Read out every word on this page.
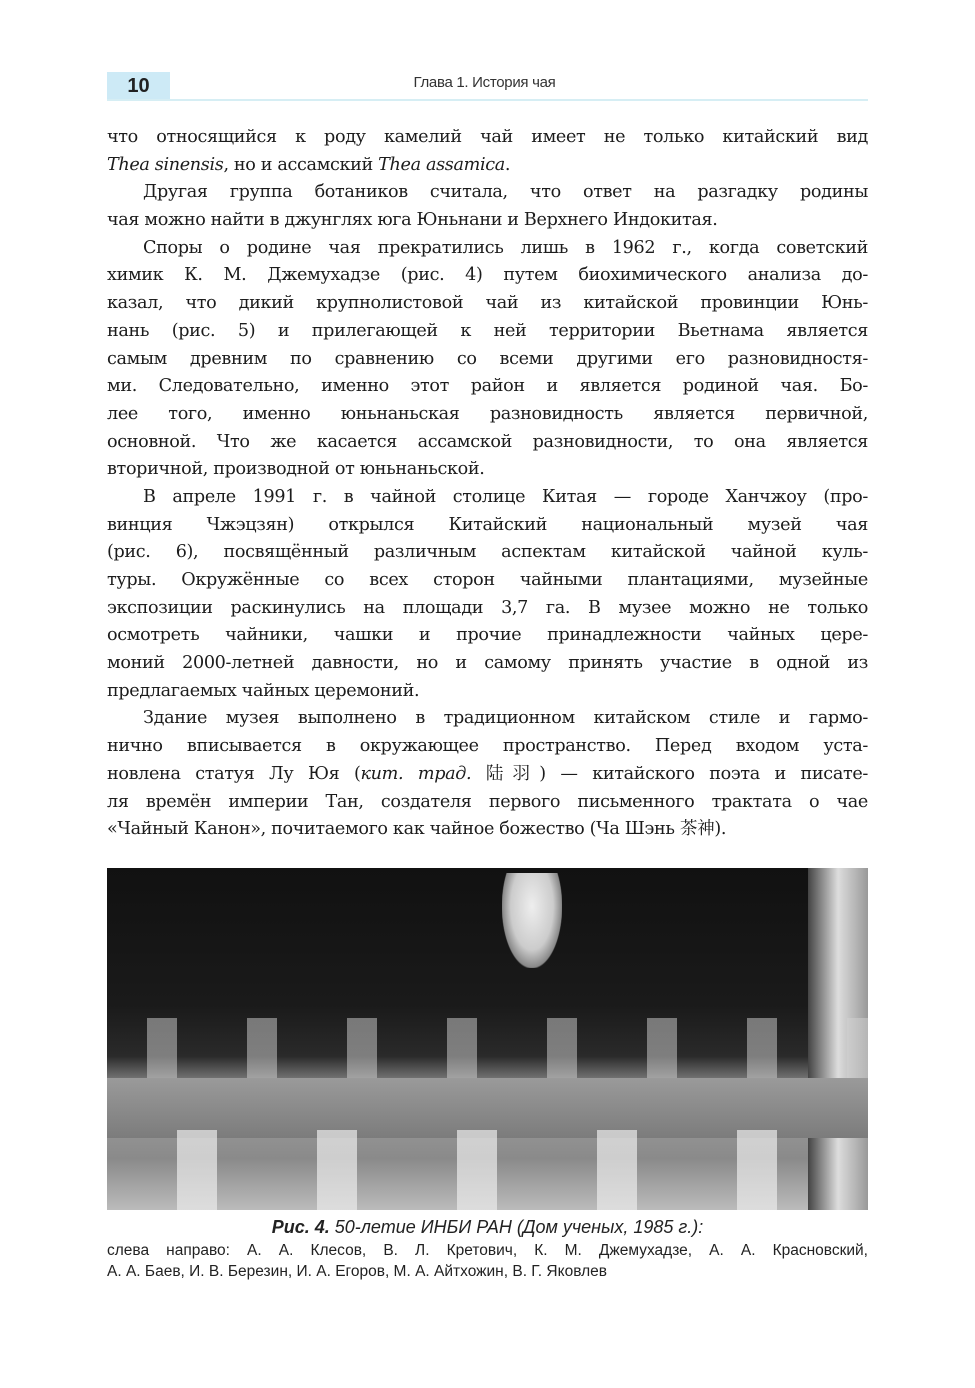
10	Глава 1. История чая
что относящийся к роду камелий чай имеет не только китайский вид
Thea sinensis, но и ассамский Thea assamica.
Другая группа ботаников считала, что ответ на разгадку родины
чая можно найти в джунглях юга Юньнани и Верхнего Индокитая.
Споры о родине чая прекратились лишь в 1962 г., когда советский
химик К. М. Джемухадзе (рис. 4) путем биохимического анализа до-
казал, что дикий крупнолистовой чай из китайской провинции Юнь-
нань (рис. 5) и прилегающей к ней территории Вьетнама является
самым древним по сравнению со всеми другими его разновидностя-
ми. Следовательно, именно этот район и является родиной чая. Бо-
лее того, именно юньнаньская разновидность является первичной,
основной. Что же касается ассамской разновидности, то она является
вторичной, производной от юньнаньской.
В апреле 1991 г. в чайной столице Китая — городе Ханчжоу (про-
винция Чжэцзян) открылся Китайский национальный музей чая
(рис. 6), посвящённый различным аспектам китайской чайной куль-
туры. Окружённые со всех сторон чайными плантациями, музейные
экспозиции раскинулись на площади 3,7 га. В музее можно не только
осмотреть чайники, чашки и прочие принадлежности чайных цере-
моний 2000-летней давности, но и самому принять участие в одной из
предлагаемых чайных церемоний.
Здание музея выполнено в традиционном китайском стиле и гармо-
нично вписывается в окружающее пространство. Перед входом уста-
новлена статуя Лу Юя (кит. трад. 陆羽) — китайского поэта и писате-
ля времён империи Тан, создателя первого письменного трактата о чае
«Чайный Канон», почитаемого как чайное божество (Ча Шэнь 茶神).
Рис. 4. 50-летие ИНБИ РАН (Дом ученых, 1985 г.):
слева направо: А. А. Клесов, В. Л. Кретович, К. М. Джемухадзе, А. А. Красновский,
А. А. Баев, И. В. Березин, И. А. Егоров, М. А. Айтхожин, В. Г. Яковлев
